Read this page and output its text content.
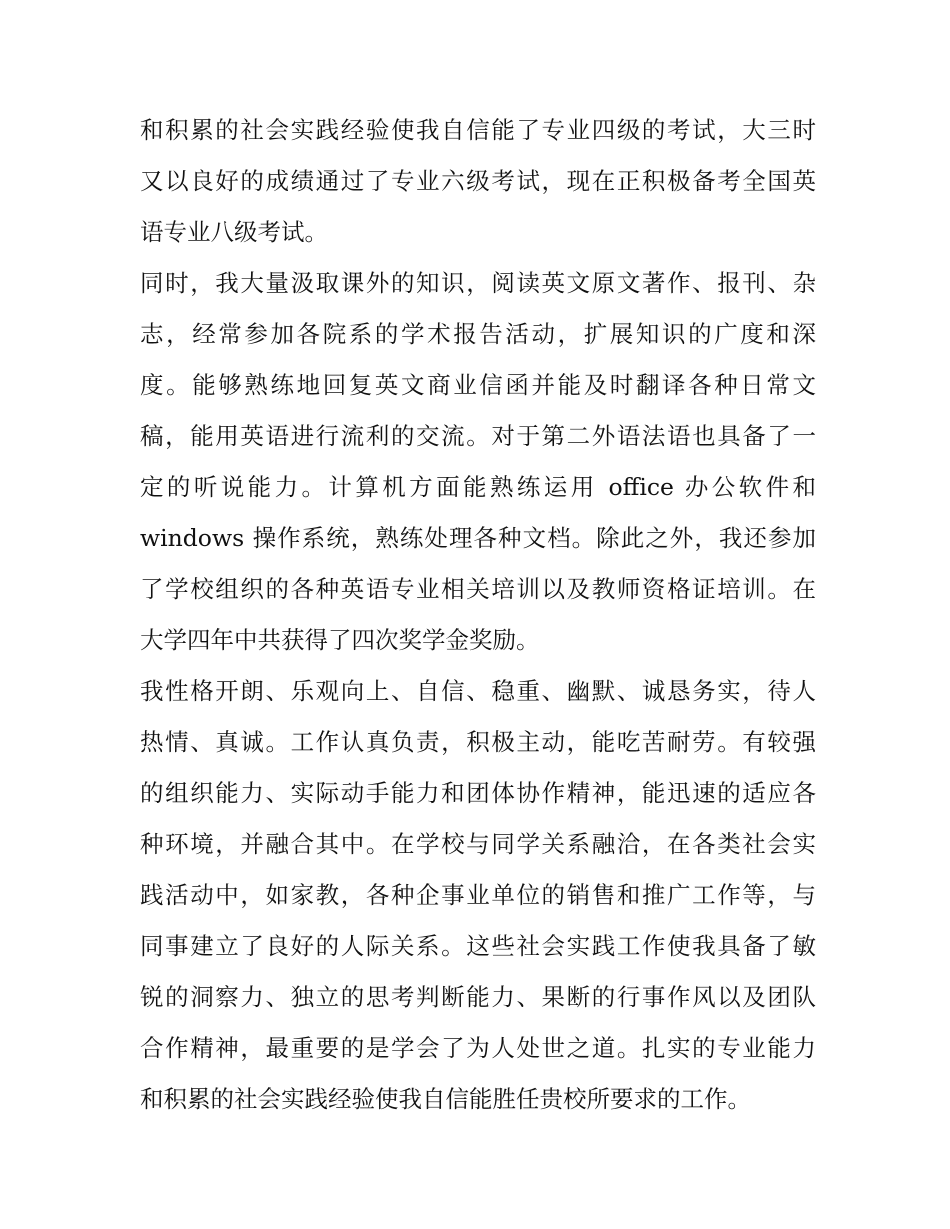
和积累的社会实践经验使我自信能了专业四级的考试，大三时
又以良好的成绩通过了专业六级考试，现在正积极备考全国英
语专业八级考试。
同时，我大量汲取课外的知识，阅读英文原文著作、报刊、杂
志，经常参加各院系的学术报告活动，扩展知识的广度和深
度。能够熟练地回复英文商业信函并能及时翻译各种日常文
稿，能用英语进行流利的交流。对于第二外语法语也具备了一
定的听说能力。计算机方面能熟练运用 office 办公软件和
windows 操作系统，熟练处理各种文档。除此之外，我还参加
了学校组织的各种英语专业相关培训以及教师资格证培训。在
大学四年中共获得了四次奖学金奖励。
我性格开朗、乐观向上、自信、稳重、幽默、诚恳务实，待人
热情、真诚。工作认真负责，积极主动，能吃苦耐劳。有较强
的组织能力、实际动手能力和团体协作精神，能迅速的适应各
种环境，并融合其中。在学校与同学关系融洽，在各类社会实
践活动中，如家教，各种企事业单位的销售和推广工作等，与
同事建立了良好的人际关系。这些社会实践工作使我具备了敏
锐的洞察力、独立的思考判断能力、果断的行事作风以及团队
合作精神，最重要的是学会了为人处世之道。扎实的专业能力
和积累的社会实践经验使我自信能胜任贵校所要求的工作。
